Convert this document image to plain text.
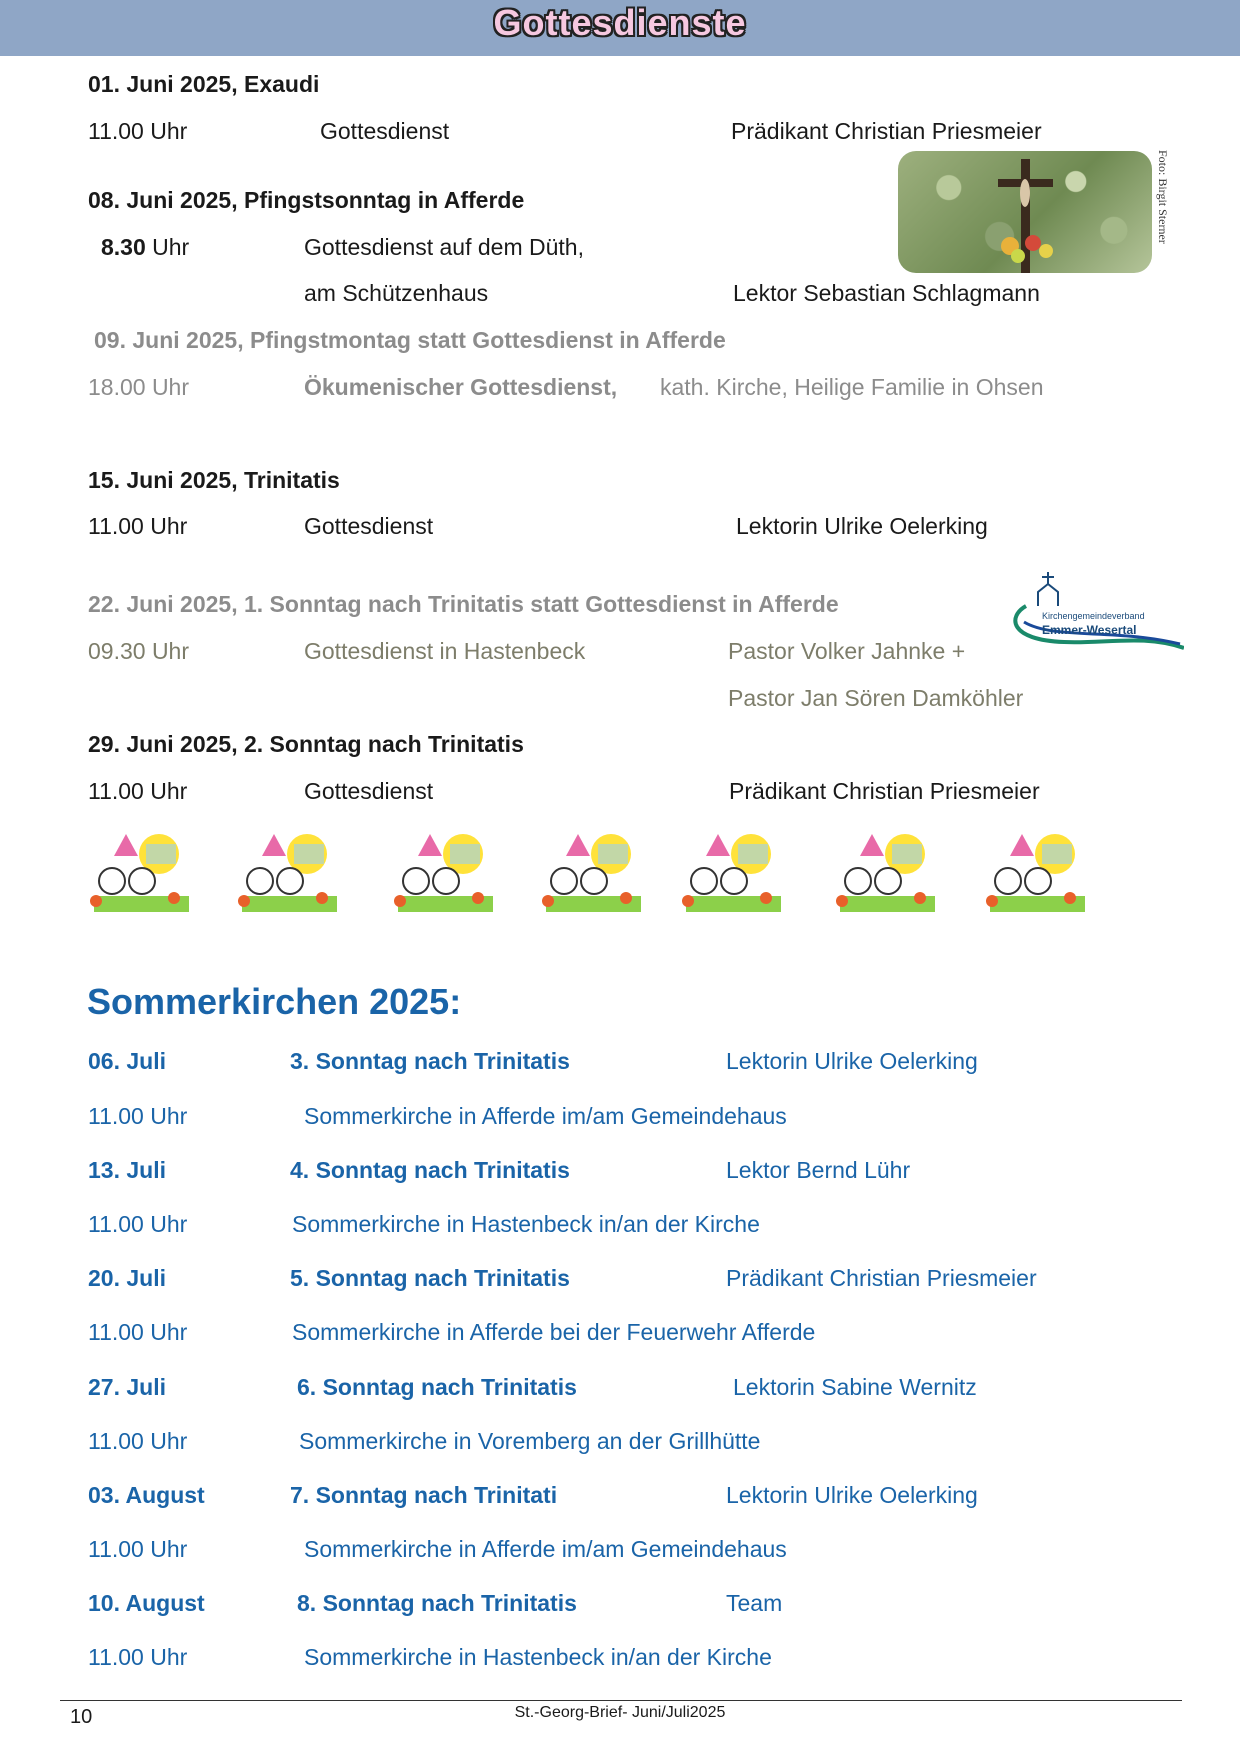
Gottesdienste
01. Juni 2025, Exaudi
11.00 Uhr	Gottesdienst	Prädikant Christian Priesmeier
Foto: Birgit Sterner
08. Juni 2025, Pfingstsonntag in Afferde
8.30 Uhr	Gottesdienst auf dem Düth,
am Schützenhaus	Lektor Sebastian Schlagmann
09. Juni 2025, Pfingstmontag statt Gottesdienst in Afferde
18.00 Uhr	Ökumenischer Gottesdienst, kath. Kirche, Heilige Familie in Ohsen
15. Juni 2025, Trinitatis
11.00 Uhr	Gottesdienst	Lektorin Ulrike Oelerking
Kirchengemeindeverband
Emmer-Wesertal
22. Juni 2025, 1. Sonntag nach Trinitatis statt Gottesdienst in Afferde
09.30 Uhr	Gottesdienst in Hastenbeck	Pastor Volker Jahnke +
Pastor Jan Sören Damköhler
29. Juni 2025, 2. Sonntag nach Trinitatis
11.00 Uhr	Gottesdienst	Prädikant Christian Priesmeier
Sommerkirchen 2025:
06. Juli	3. Sonntag nach Trinitatis	Lektorin Ulrike Oelerking
11.00 Uhr	Sommerkirche in Afferde im/am Gemeindehaus
13. Juli	4. Sonntag nach Trinitatis	Lektor Bernd Lühr
11.00 Uhr	Sommerkirche in Hastenbeck in/an der Kirche
20. Juli	5. Sonntag nach Trinitatis	Prädikant Christian Priesmeier
11.00 Uhr	Sommerkirche in Afferde bei der Feuerwehr Afferde
27. Juli	6. Sonntag nach Trinitatis	Lektorin Sabine Wernitz
11.00 Uhr	Sommerkirche in Voremberg an der Grillhütte
03. August	7. Sonntag nach Trinitati	Lektorin Ulrike Oelerking
11.00 Uhr	Sommerkirche in Afferde im/am Gemeindehaus
10. August	8. Sonntag nach Trinitatis	Team
11.00 Uhr	Sommerkirche in Hastenbeck in/an der Kirche
10	St.-Georg-Brief- Juni/Juli2025
